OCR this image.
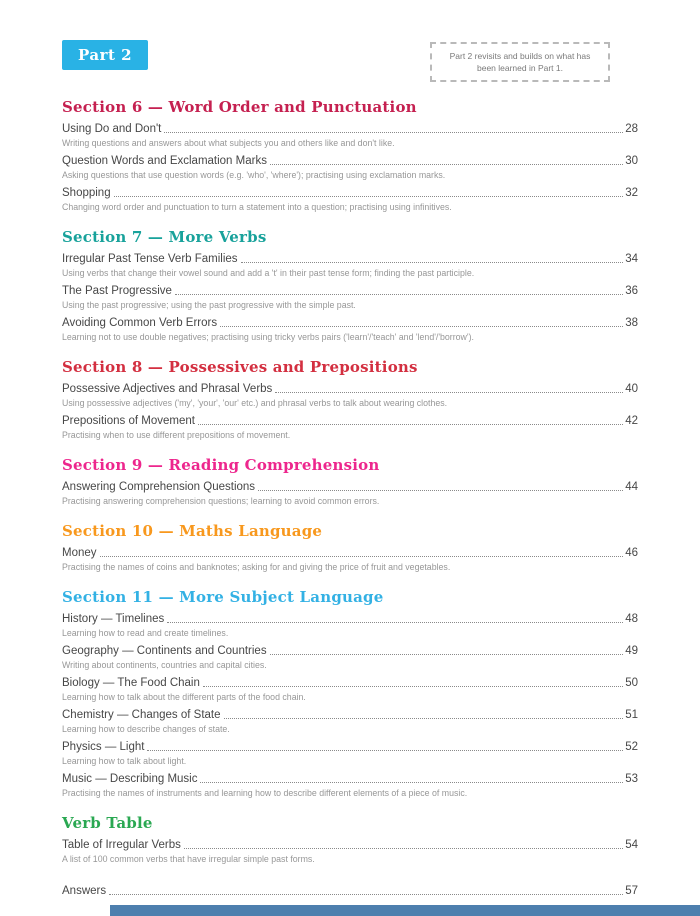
Part 2	Part 2 revisits and builds on what has been learned in Part 1.
Section 6 — Word Order and Punctuation
Using Do and Don't	28
Writing questions and answers about what subjects you and others like and don't like.
Question Words and Exclamation Marks	30
Asking questions that use question words (e.g. 'who', 'where'); practising using exclamation marks.
Shopping	32
Changing word order and punctuation to turn a statement into a question; practising using infinitives.
Section 7 — More Verbs
Irregular Past Tense Verb Families	34
Using verbs that change their vowel sound and add a 't' in their past tense form; finding the past participle.
The Past Progressive	36
Using the past progressive; using the past progressive with the simple past.
Avoiding Common Verb Errors	38
Learning not to use double negatives; practising using tricky verbs pairs ('learn'/'teach' and 'lend'/'borrow').
Section 8 — Possessives and Prepositions
Possessive Adjectives and Phrasal Verbs	40
Using possessive adjectives ('my', 'your', 'our' etc.) and phrasal verbs to talk about wearing clothes.
Prepositions of Movement	42
Practising when to use different prepositions of movement.
Section 9 — Reading Comprehension
Answering Comprehension Questions	44
Practising answering comprehension questions; learning to avoid common errors.
Section 10 — Maths Language
Money	46
Practising the names of coins and banknotes; asking for and giving the price of fruit and vegetables.
Section 11 — More Subject Language
History — Timelines	48
Learning how to read and create timelines.
Geography — Continents and Countries	49
Writing about continents, countries and capital cities.
Biology — The Food Chain	50
Learning how to talk about the different parts of the food chain.
Chemistry — Changes of State	51
Learning how to describe changes of state.
Physics — Light	52
Learning how to talk about light.
Music — Describing Music	53
Practising the names of instruments and learning how to describe different elements of a piece of music.
Verb Table
Table of Irregular Verbs	54
A list of 100 common verbs that have irregular simple past forms.
Answers	57
